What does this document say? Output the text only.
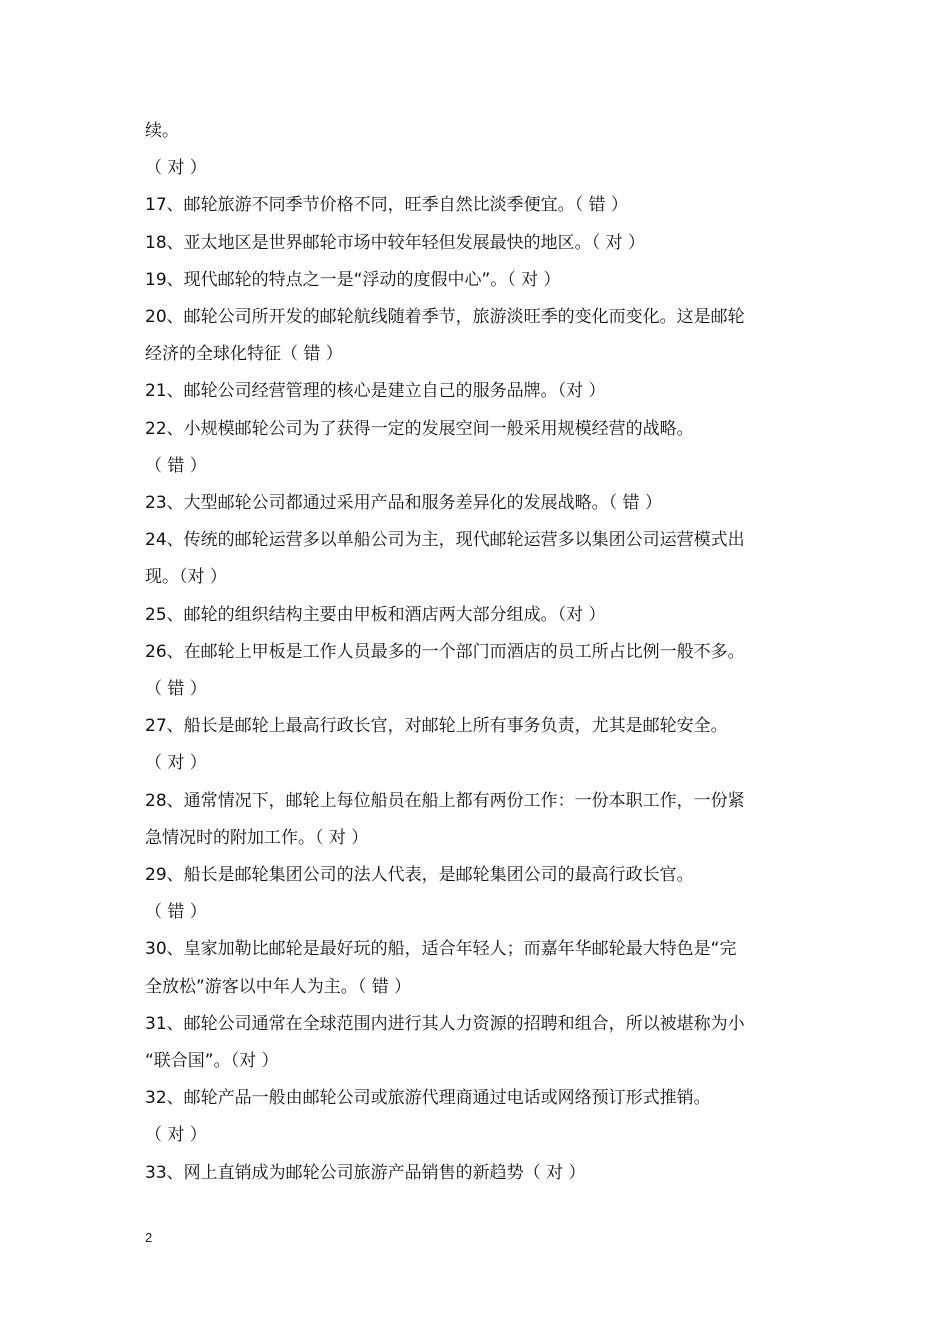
续。
（ 对 ）
17、邮轮旅游不同季节价格不同，旺季自然比淡季便宜。（ 错 ）
18、亚太地区是世界邮轮市场中较年轻但发展最快的地区。（ 对 ）
19、现代邮轮的特点之一是“浮动的度假中心”。（ 对 ）
20、邮轮公司所开发的邮轮航线随着季节，旅游淡旺季的变化而变化。这是邮轮
经济的全球化特征（ 错 ）
21、邮轮公司经营管理的核心是建立自己的服务品牌。（对 ）
22、小规模邮轮公司为了获得一定的发展空间一般采用规模经营的战略。
（ 错 ）
23、大型邮轮公司都通过采用产品和服务差异化的发展战略。（ 错 ）
24、传统的邮轮运营多以单船公司为主，现代邮轮运营多以集团公司运营模式出
现。（对 ）
25、邮轮的组织结构主要由甲板和酒店两大部分组成。（对 ）
26、在邮轮上甲板是工作人员最多的一个部门而酒店的员工所占比例一般不多。
（ 错 ）
27、船长是邮轮上最高行政长官，对邮轮上所有事务负责，尤其是邮轮安全。
（ 对 ）
28、通常情况下，邮轮上每位船员在船上都有两份工作：一份本职工作，一份紧
急情况时的附加工作。（ 对 ）
29、船长是邮轮集团公司的法人代表，是邮轮集团公司的最高行政长官。
（ 错 ）
30、皇家加勒比邮轮是最好玩的船，适合年轻人；而嘉年华邮轮最大特色是“完
全放松”游客以中年人为主。（ 错 ）
31、邮轮公司通常在全球范围内进行其人力资源的招聘和组合，所以被堪称为小
“联合国”。（对 ）
32、邮轮产品一般由邮轮公司或旅游代理商通过电话或网络预订形式推销。
（ 对 ）
33、网上直销成为邮轮公司旅游产品销售的新趋势（ 对 ）
2
